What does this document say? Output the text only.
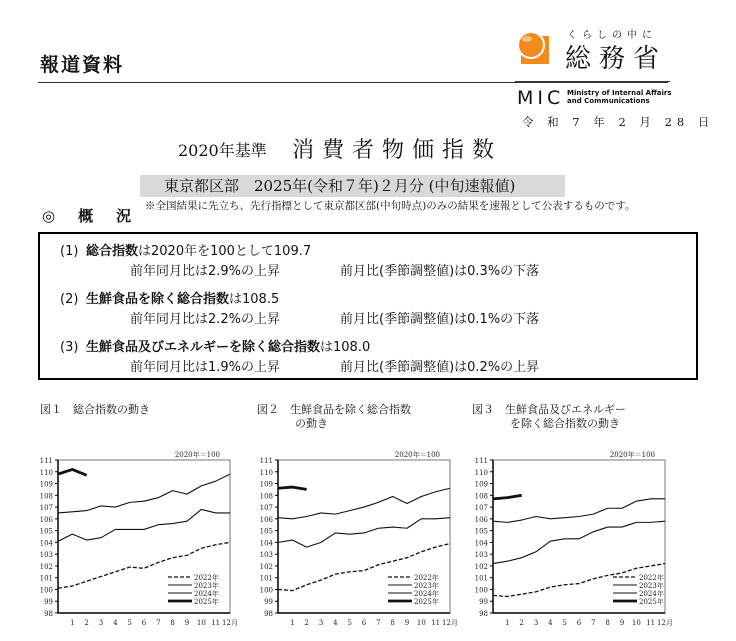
報道資料
くらしの中に
総務省
MIC Ministry of Internal Affairs
and Communications
令 和 7 年 2 月 28 日
2020年基準 消費者物価指数
東京都区部　2025年(令和７年)２月分 (中旬速報値)
※全国結果に先立ち、先行指標として東京都区部(中旬時点)のみの結果を速報として公表するものです。
◎　概　況
(1) 総合指数は2020年を100として109.7
前年同月比は2.9%の上昇	前月比(季節調整値)は0.3%の下落
(2) 生鮮食品を除く総合指数は108.5
前年同月比は2.2%の上昇	前月比(季節調整値)は0.1%の下落
(3) 生鮮食品及びエネルギーを除く総合指数は108.0
前年同月比は1.9%の上昇	前月比(季節調整値)は0.2%の上昇
図１　 総合指数の動き	図２　 生鮮食品を除く総合指数
の動き
図３　 生鮮食品及びエネルギー
を除く総合指数の動き
98
99
100
101
102
103
104
105
106
107
108
109
110
111
1 2 3 4 5 6 7 8 9 10 11 12月
2020年＝100
2022年
2023年
2024年
2025年
98
99
100
101
102
103
104
105
106
107
108
109
110
111
1 2 3 4 5 6 7 8 9 10 11 12月
2020年＝100
2022年
2023年
2024年
2025年
98
99
100
101
102
103
104
105
106
107
108
109
110
111
1 2 3 4 5 6 7 8 9 10 11 12月
2020年＝100
2022年
2023年
2024年
2025年
